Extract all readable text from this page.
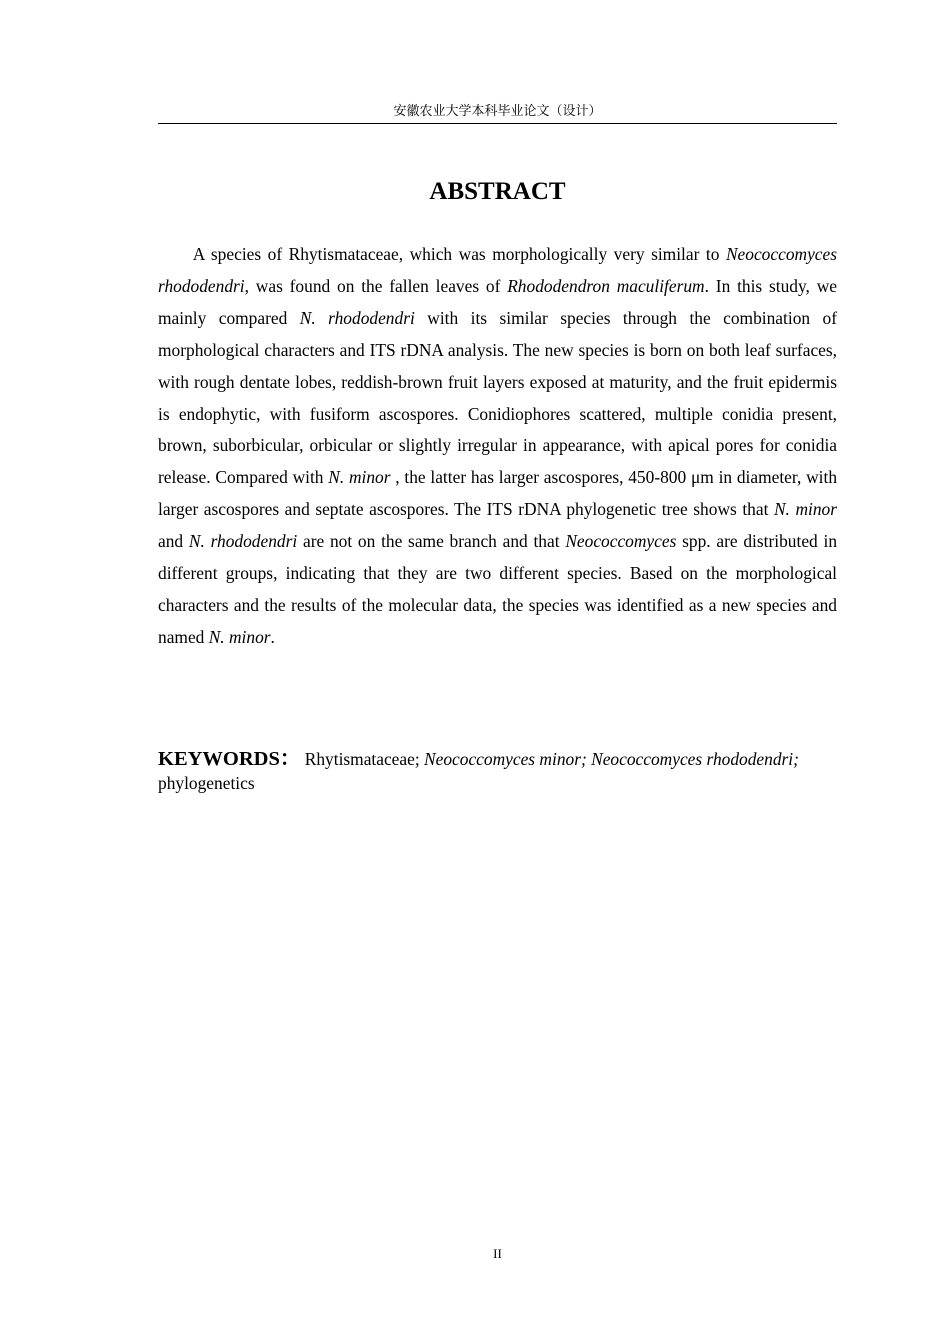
安徽农业大学本科毕业论文（设计）
ABSTRACT

A species of Rhytismataceae, which was morphologically very similar to Neococcomyces rhododendri, was found on the fallen leaves of Rhododendron maculiferum. In this study, we mainly compared N. rhododendri with its similar species through the combination of morphological characters and ITS rDNA analysis. The new species is born on both leaf surfaces, with rough dentate lobes, reddish-brown fruit layers exposed at maturity, and the fruit epidermis is endophytic, with fusiform ascospores. Conidiophores scattered, multiple conidia present, brown, suborbicular, orbicular or slightly irregular in appearance, with apical pores for conidia release. Compared with N. minor , the latter has larger ascospores, 450-800 μm in diameter, with larger ascospores and septate ascospores. The ITS rDNA phylogenetic tree shows that N. minor and N. rhododendri are not on the same branch and that Neococcomyces spp. are distributed in different groups, indicating that they are two different species. Based on the morphological characters and the results of the molecular data, the species was identified as a new species and named N. minor.

KEYWORDS： Rhytismataceae; Neococcomyces minor; Neococcomyces rhododendri; phylogenetics

II
